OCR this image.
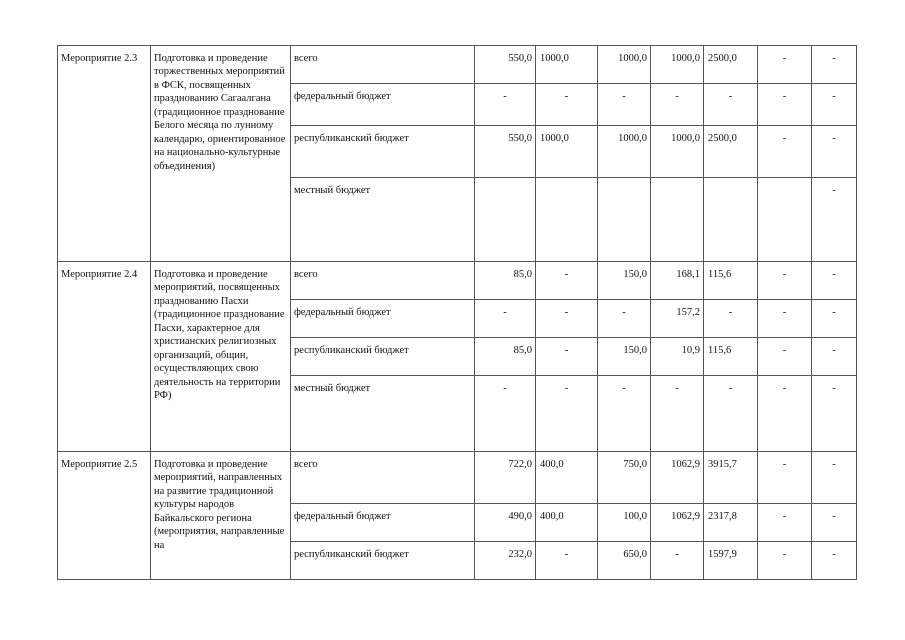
Мероприятие 2.3	Подготовка и проведение торжественных мероприятий в ФСК, посвященных празднованию Сагаалгана (традиционное празднование Белого месяца по лунному календарю, ориентированное на национально-культурные объединения)	всего	550,0	1000,0	1000,0	1000,0	2500,0	-	-
		федеральный бюджет	-	-	-	-	-	-	-
		республиканский бюджет	550,0	1000,0	1000,0	1000,0	2500,0	-	-
		местный бюджет							-
Мероприятие 2.4	Подготовка и проведение мероприятий, посвященных празднованию Пасхи (традиционное празднование Пасхи, характерное для христианских религиозных организаций, общин, осуществляющих свою деятельность на территории РФ)	всего	85,0	-	150,0	168,1	115,6	-	-
		федеральный бюджет	-	-	-	157,2	-	-	-
		республиканский бюджет	85,0	-	150,0	10,9	115,6	-	-
		местный бюджет	-	-	-	-	-	-	-
Мероприятие 2.5	Подготовка и проведение мероприятий, направленных на развитие традиционной культуры народов Байкальского региона (мероприятия, направленные на	всего	722,0	400,0	750,0	1062,9	3915,7	-	-
		федеральный бюджет	490,0	400,0	100,0	1062,9	2317,8	-	-
		республиканский бюджет	232,0	-	650,0	-	1597,9	-	-
